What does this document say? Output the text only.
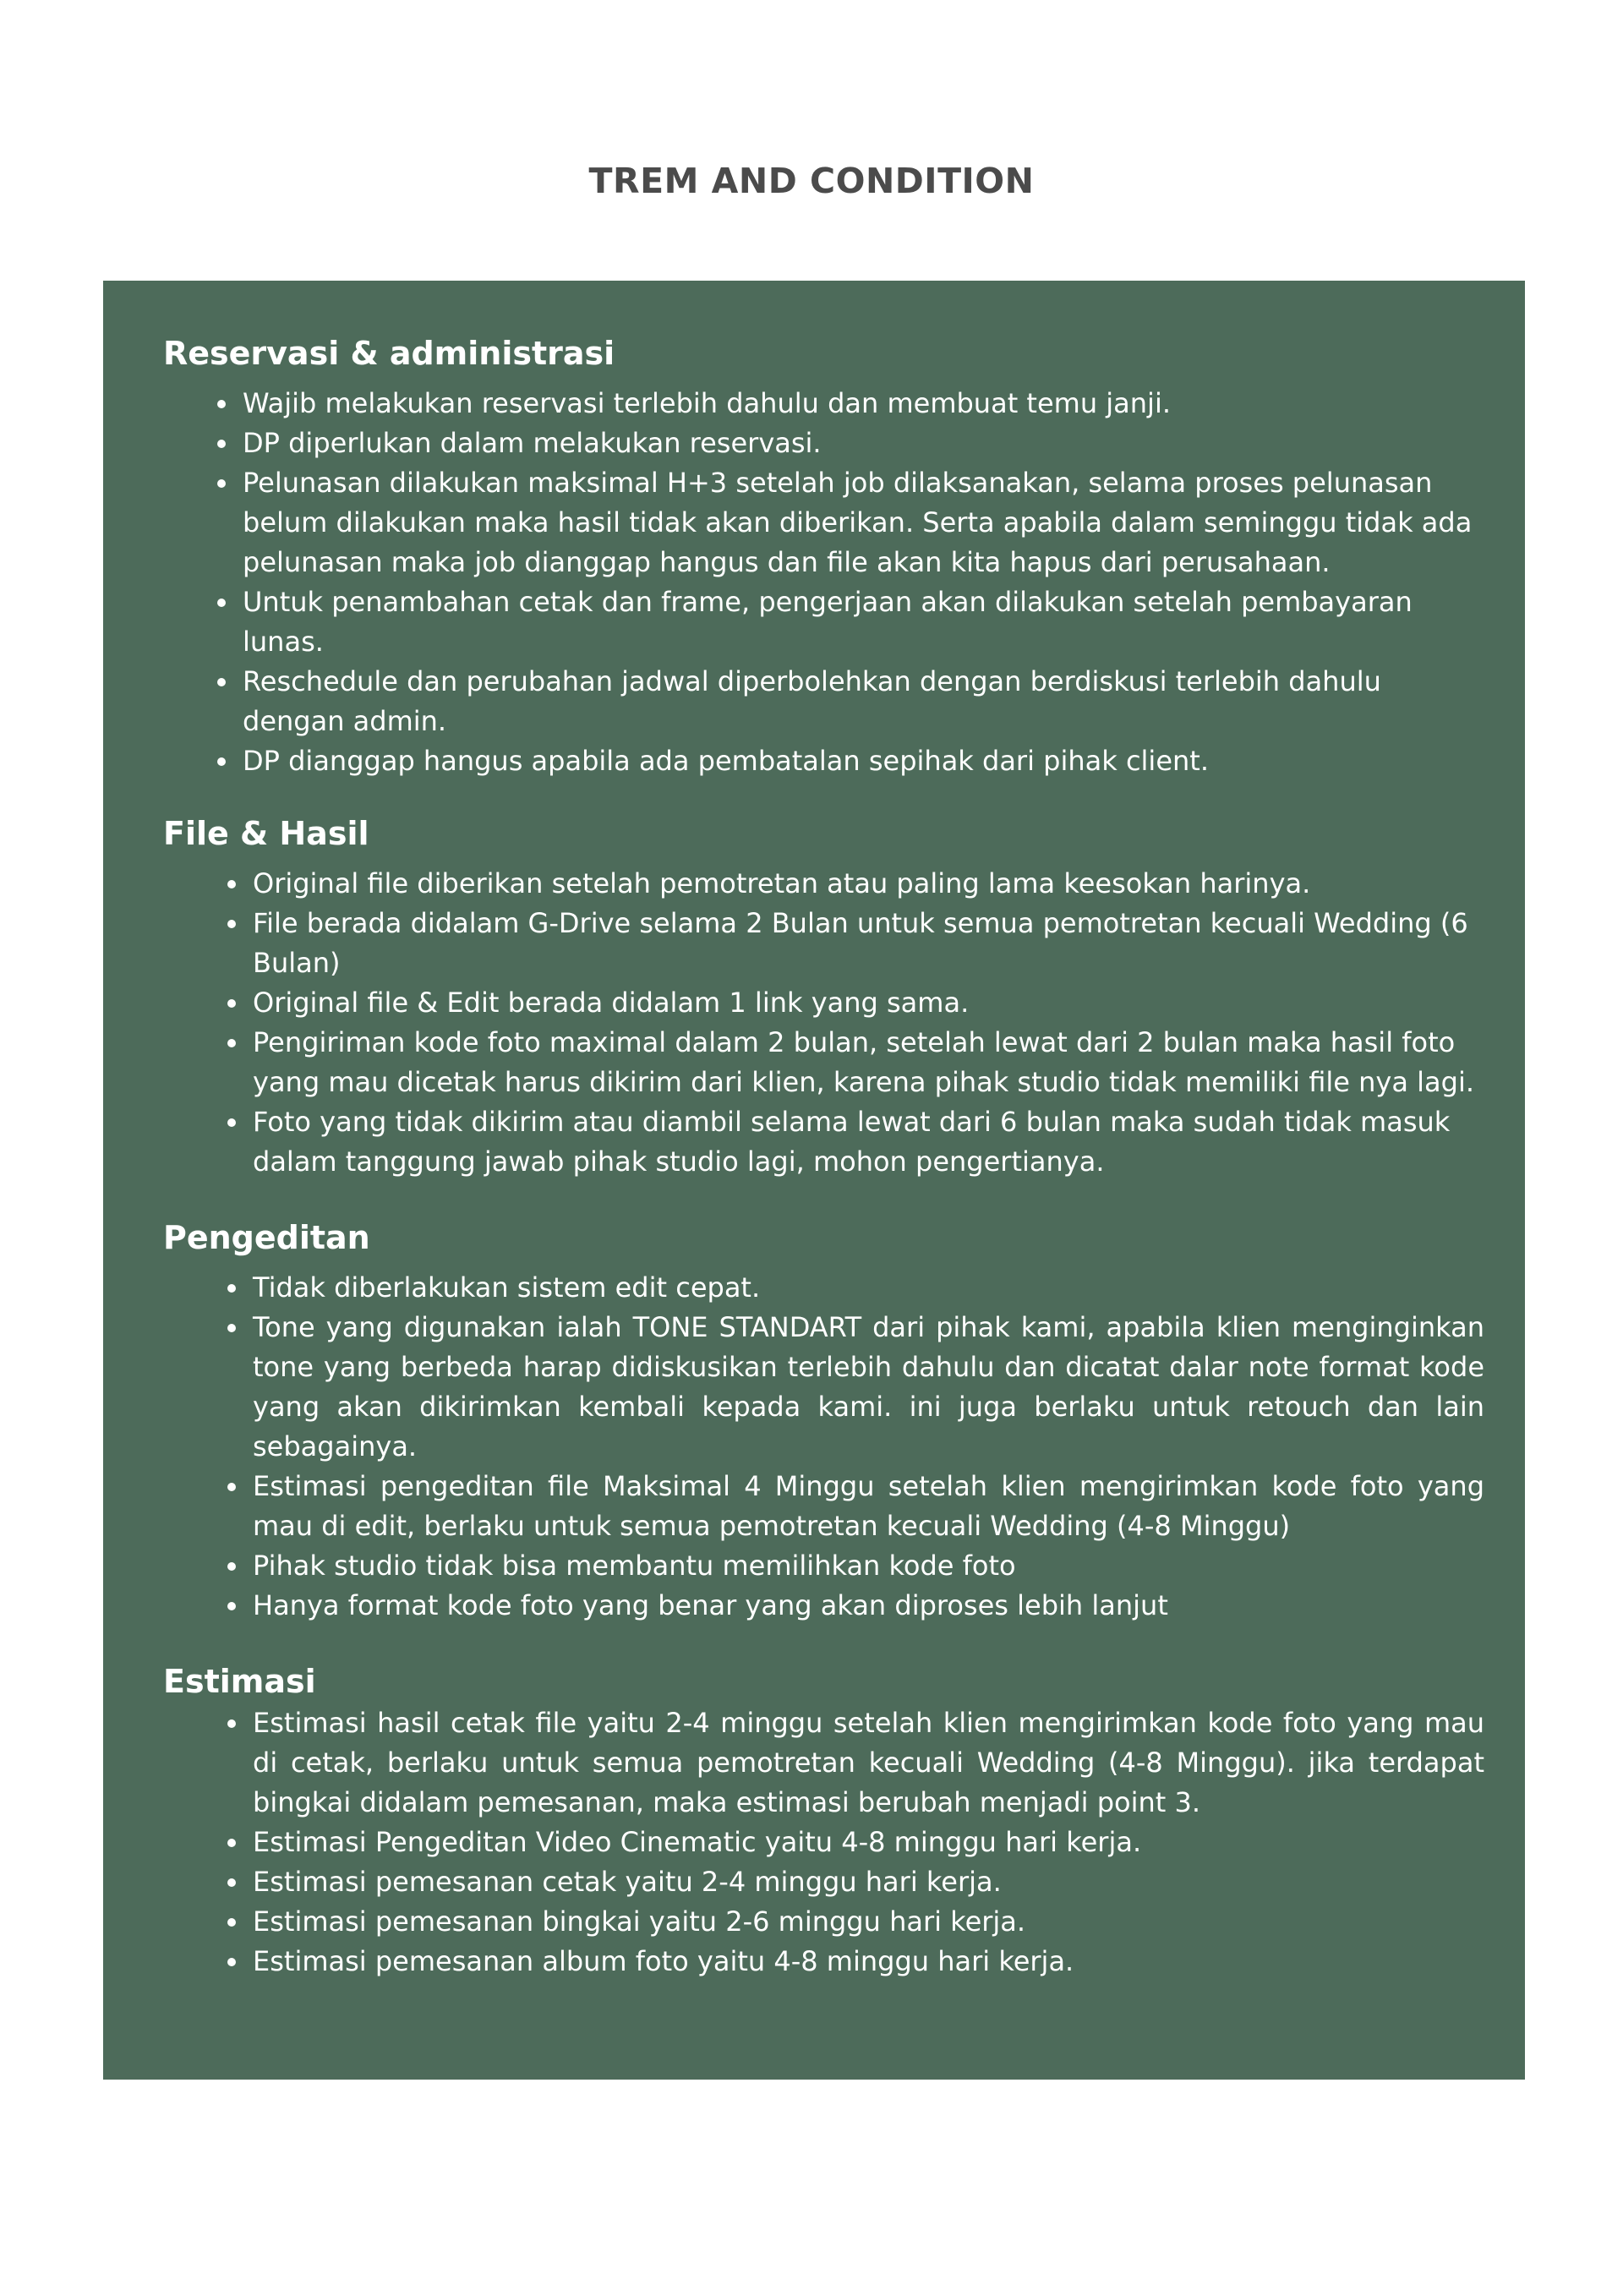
TREM AND CONDITION
Reservasi & administrasi
Wajib melakukan reservasi terlebih dahulu dan membuat temu janji.
DP diperlukan dalam melakukan reservasi.
Pelunasan dilakukan maksimal H+3 setelah job dilaksanakan, selama proses pelunasan belum dilakukan maka hasil tidak akan diberikan. Serta apabila dalam seminggu tidak ada pelunasan maka job dianggap hangus dan file akan kita hapus dari perusahaan.
Untuk penambahan cetak dan frame, pengerjaan akan dilakukan setelah pembayaran lunas.
Reschedule dan perubahan jadwal diperbolehkan dengan berdiskusi terlebih dahulu dengan admin.
DP dianggap hangus apabila ada pembatalan sepihak dari pihak client.
File & Hasil
Original file diberikan setelah pemotretan atau paling lama keesokan harinya.
File berada didalam G-Drive selama 2 Bulan untuk semua pemotretan kecuali Wedding (6 Bulan)
Original file & Edit berada didalam 1 link yang sama.
Pengiriman kode foto maximal dalam 2 bulan, setelah lewat dari 2 bulan maka hasil foto yang mau dicetak harus dikirim dari klien, karena pihak studio tidak memiliki file nya lagi.
Foto yang tidak dikirim atau diambil selama lewat dari 6 bulan maka sudah tidak masuk dalam tanggung jawab pihak studio lagi, mohon pengertianya.
Pengeditan
Tidak diberlakukan sistem edit cepat.
Tone yang digunakan ialah TONE STANDART dari pihak kami, apabila klien menginginkan tone yang berbeda harap didiskusikan terlebih dahulu dan dicatat dalar note format kode yang akan dikirimkan kembali kepada kami. ini juga berlaku untuk retouch dan lain sebagainya.
Estimasi pengeditan file Maksimal 4 Minggu setelah klien mengirimkan kode foto yang mau di edit, berlaku untuk semua pemotretan kecuali Wedding (4-8 Minggu)
Pihak studio tidak bisa membantu memilihkan kode foto
Hanya format kode foto yang benar yang akan diproses lebih lanjut
Estimasi
Estimasi hasil cetak file yaitu 2-4 minggu setelah klien mengirimkan kode foto yang mau di cetak, berlaku untuk semua pemotretan kecuali Wedding (4-8 Minggu). jika terdapat bingkai didalam pemesanan, maka estimasi berubah menjadi point 3.
Estimasi Pengeditan Video Cinematic yaitu 4-8 minggu hari kerja.
Estimasi pemesanan cetak yaitu 2-4 minggu hari kerja.
Estimasi pemesanan bingkai yaitu 2-6 minggu hari kerja.
Estimasi pemesanan album foto yaitu 4-8 minggu hari kerja.
